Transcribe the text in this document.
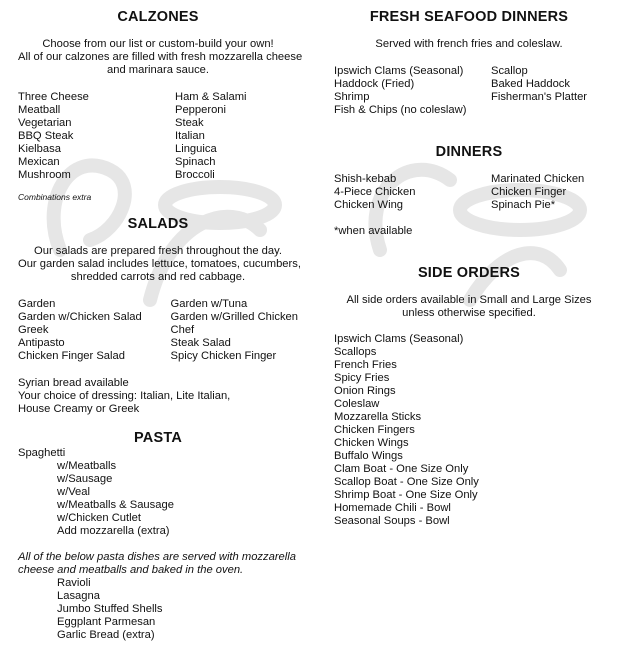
CALZONES

Choose from our list or custom-build your own!
All of our calzones are filled with fresh mozzarella cheese
and marinara sauce.

Three Cheese
Meatball
Vegetarian
BBQ Steak
Kielbasa
Mexican
Mushroom
Ham & Salami
Pepperoni
Steak
Italian
Linguica
Spinach
Broccoli
Combinations extra
SALADS

Our salads are prepared fresh throughout the day.
Our garden salad includes lettuce, tomatoes, cucumbers,
shredded carrots and red cabbage.

Garden
Garden w/Chicken Salad
Greek
Antipasto
Chicken Finger Salad
Garden w/Tuna
Garden w/Grilled Chicken
Chef
Steak Salad
Spicy Chicken Finger
Syrian bread available
Your choice of dressing: Italian, Lite Italian,
House Creamy or Greek
PASTA
Spaghetti
w/Meatballs
w/Sausage
w/Veal
w/Meatballs & Sausage
w/Chicken Cutlet
Add mozzarella (extra)
All of the below pasta dishes are served with mozzarella
cheese and meatballs and baked in the oven.
Ravioli
Lasagna
Jumbo Stuffed Shells
Eggplant Parmesan
Garlic Bread (extra)
FRESH SEAFOOD DINNERS

Served with french fries and coleslaw.

Ipswich Clams (Seasonal)
Haddock (Fried)
Shrimp
Fish & Chips (no coleslaw)
Scallop
Baked Haddock
Fisherman's Platter
DINNERS
Shish-kebab
4-Piece Chicken
Chicken Wing
Marinated Chicken
Chicken Finger
Spinach Pie*
*when available
SIDE ORDERS

All side orders available in Small and Large Sizes
unless otherwise specified.

Ipswich Clams (Seasonal)
Scallops
French Fries
Spicy Fries
Onion Rings
Coleslaw
Mozzarella Sticks
Chicken Fingers
Chicken Wings
Buffalo Wings
Clam Boat - One Size Only
Scallop Boat - One Size Only
Shrimp Boat - One Size Only
Homemade Chili - Bowl
Seasonal Soups - Bowl
